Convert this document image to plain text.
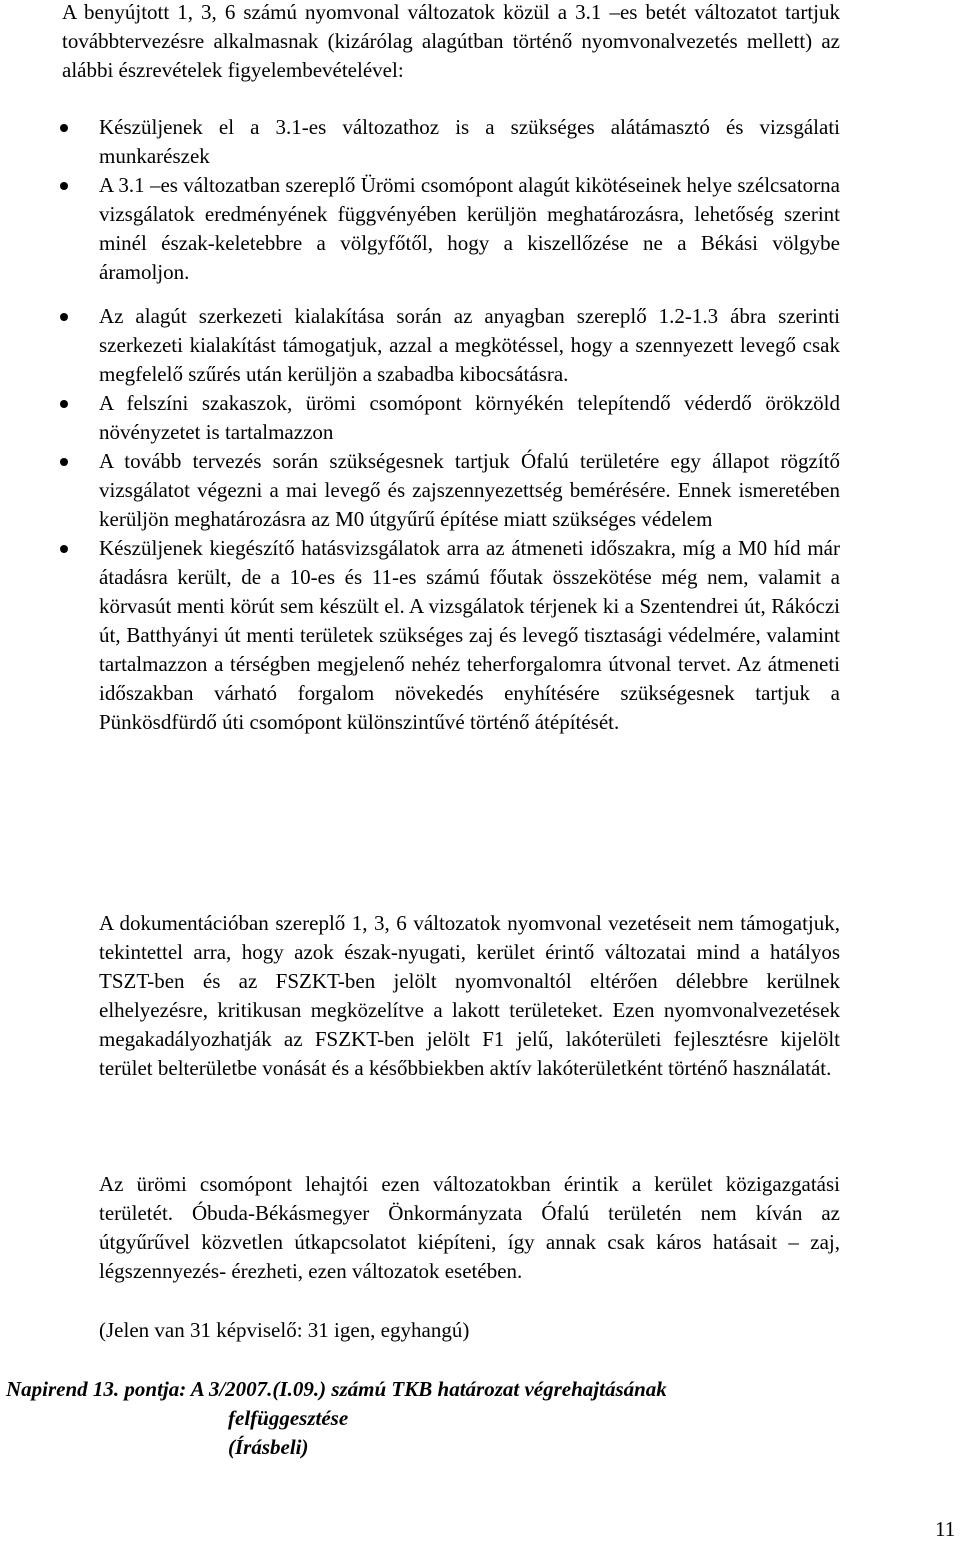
A benyújtott 1, 3, 6 számú nyomvonal változatok közül a 3.1 –es betét változatot tartjuk továbbtervezésre alkalmasnak (kizárólag alagútban történő nyomvonalvezetés mellett) az alábbi észrevételek figyelembevételével:

Készüljenek el a 3.1-es változathoz is a szükséges alátámasztó és vizsgálati munkarészek
A 3.1 –es változatban szereplő Ürömi csomópont alagút kikötéseinek helye szélcsatorna vizsgálatok eredményének függvényében kerüljön meghatározásra, lehetőség szerint minél észak-keletebbre a völgyfőtől, hogy a kiszellőzése ne a Békási völgybe áramoljon.
Az alagút szerkezeti kialakítása során az anyagban szereplő 1.2-1.3 ábra szerinti szerkezeti kialakítást támogatjuk, azzal a megkötéssel, hogy a szennyezett levegő csak megfelelő szűrés után kerüljön a szabadba kibocsátásra.
A felszíni szakaszok, ürömi csomópont környékén telepítendő véderdő örökzöld növényzetet is tartalmazzon
A tovább tervezés során szükségesnek tartjuk Ófalú területére egy állapot rögzítő vizsgálatot végezni a mai levegő és zajszennyezettség bemérésére. Ennek ismeretében kerüljön meghatározásra az M0 útgyűrű építése miatt szükséges védelem
Készüljenek kiegészítő hatásvizsgálatok arra az átmeneti időszakra, míg a M0 híd már átadásra került, de a 10-es és 11-es számú főutak összekötése még nem, valamit a körvasút menti körút sem készült el. A vizsgálatok térjenek ki a Szentendrei út, Rákóczi út, Batthyányi út menti területek szükséges zaj és levegő tisztasági védelmére, valamint tartalmazzon a térségben megjelenő nehéz teherforgalomra útvonal tervet. Az átmeneti időszakban várható forgalom növekedés enyhítésére szükségesnek tartjuk a Pünkösdfürdő úti csomópont különszintűvé történő átépítését.

A dokumentációban szereplő 1, 3, 6 változatok nyomvonal vezetéseit nem támogatjuk, tekintettel arra, hogy azok észak-nyugati, kerület érintő változatai mind a hatályos TSZT-ben és az FSZKT-ben jelölt nyomvonaltól eltérően délebbre kerülnek elhelyezésre, kritikusan megközelítve a lakott területeket. Ezen nyomvonalvezetések megakadályozhatják az FSZKT-ben jelölt F1 jelű, lakóterületi fejlesztésre kijelölt terület belterületbe vonását és a későbbiekben aktív lakóterületként történő használatát.

Az ürömi csomópont lehajtói ezen változatokban érintik a kerület közigazgatási területét. Óbuda-Békásmegyer Önkormányzata Ófalú területén nem kíván az útgyűrűvel közvetlen útkapcsolatot kiépíteni, így annak csak káros hatásait – zaj, légszennyezés- érezheti, ezen változatok esetében.

(Jelen van 31 képviselő: 31 igen, egyhangú)

Napirend 13. pontja: A 3/2007.(I.09.) számú TKB határozat végrehajtásának
felfüggesztése
(Írásbeli)

11
